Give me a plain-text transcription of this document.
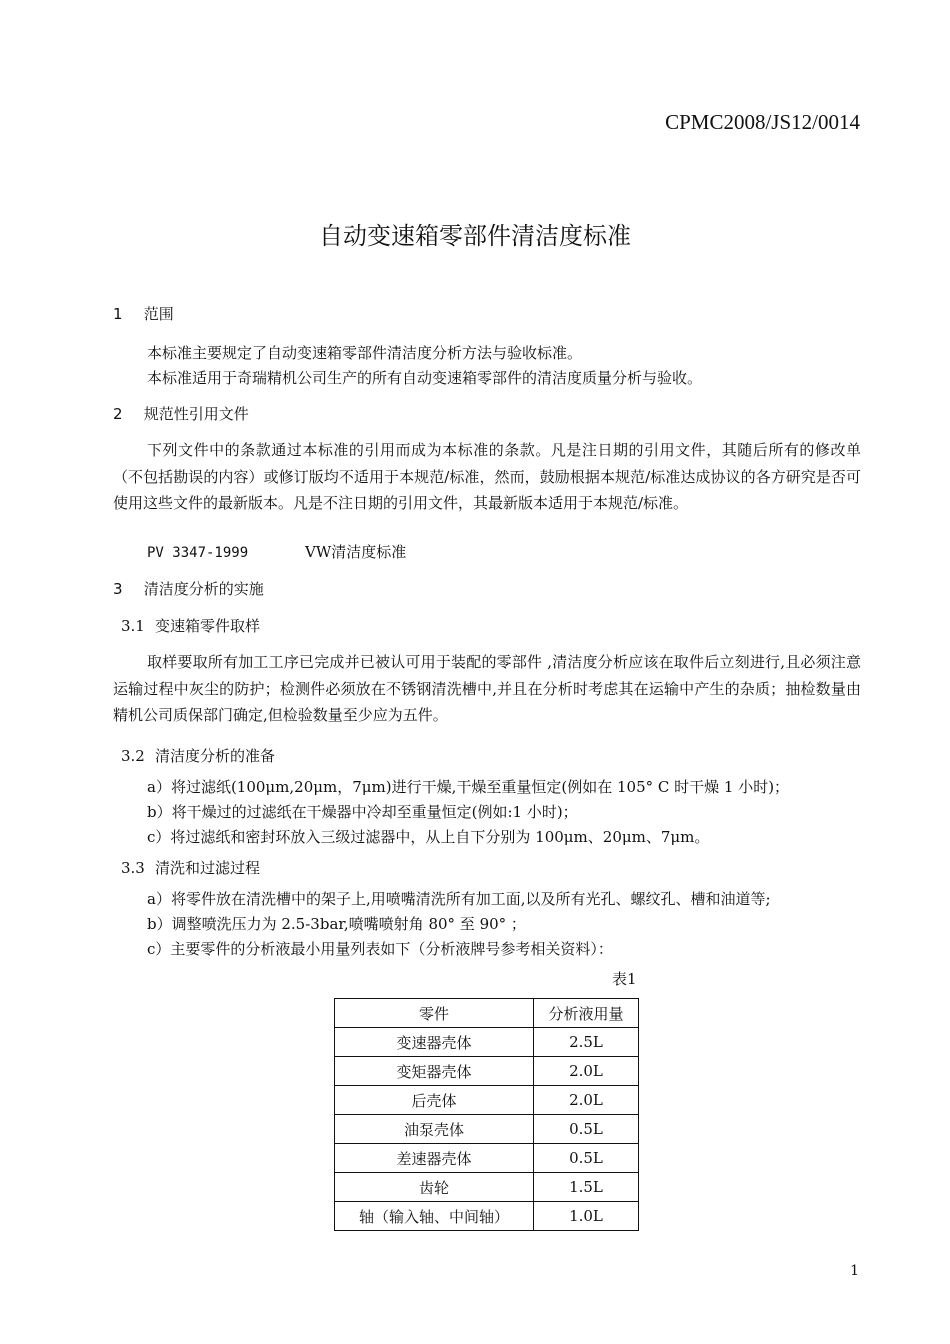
CPMC2008/JS12/0014
自动变速箱零部件清洁度标准
1 范围
本标准主要规定了自动变速箱零部件清洁度分析方法与验收标准。
本标准适用于奇瑞精机公司生产的所有自动变速箱零部件的清洁度质量分析与验收。
2 规范性引用文件
下列文件中的条款通过本标准的引用而成为本标准的条款。凡是注日期的引用文件，其随后所有的修改单（不包括勘误的内容）或修订版均不适用于本规范/标准，然而，鼓励根据本规范/标准达成协议的各方研究是否可使用这些文件的最新版本。凡是不注日期的引用文件，其最新版本适用于本规范/标准。
PV 3347-1999	VW清洁度标准
3 清洁度分析的实施
3.1 变速箱零件取样
取样要取所有加工工序已完成并已被认可用于装配的零部件 ,清洁度分析应该在取件后立刻进行,且必须注意运输过程中灰尘的防护；检测件必须放在不锈钢清洗槽中,并且在分析时考虑其在运输中产生的杂质；抽检数量由精机公司质保部门确定,但检验数量至少应为五件。
3.2 清洁度分析的准备
a）将过滤纸(100μm,20μm，7μm)进行干燥,干燥至重量恒定(例如在 105° C 时干燥 1 小时)；
b）将干燥过的过滤纸在干燥器中冷却至重量恒定(例如:1 小时)；
c）将过滤纸和密封环放入三级过滤器中，从上自下分别为 100μm、20μm、7μm。
3.3 清洗和过滤过程
a）将零件放在清洗槽中的架子上,用喷嘴清洗所有加工面,以及所有光孔、螺纹孔、槽和油道等;
b）调整喷洗压力为 2.5-3bar,喷嘴喷射角 80° 至 90° ；
c）主要零件的分析液最小用量列表如下（分析液牌号参考相关资料）：
表1
零件	分析液用量
变速器壳体	2.5L
变矩器壳体	2.0L
后壳体	2.0L
油泵壳体	0.5L
差速器壳体	0.5L
齿轮	1.5L
轴（输入轴、中间轴）	1.0L
1
